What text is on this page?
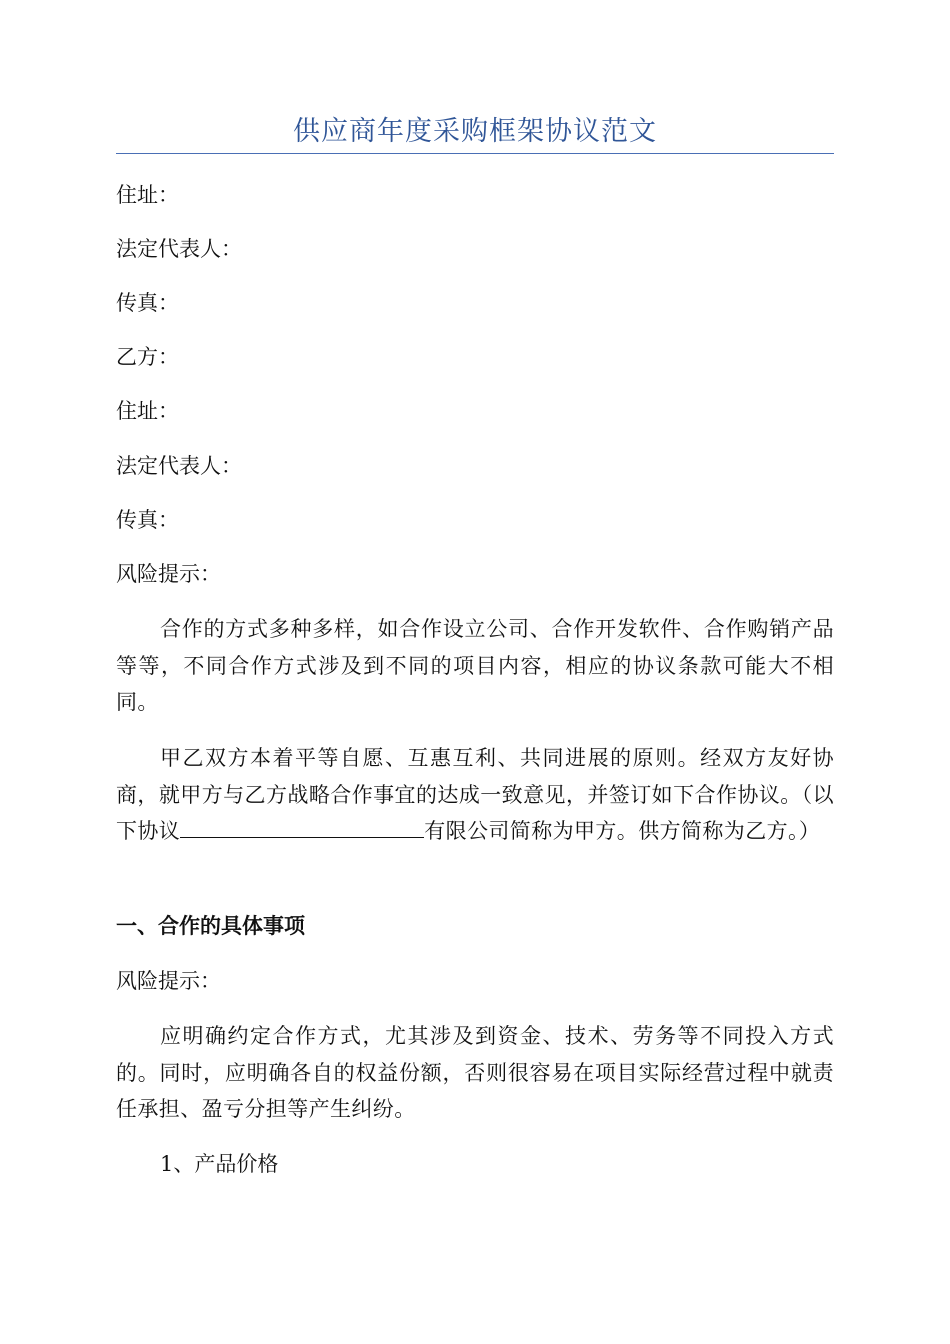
供应商年度采购框架协议范文
住址：
法定代表人：
传真：
乙方：
住址：
法定代表人：
传真：
风险提示：
合作的方式多种多样，如合作设立公司、合作开发软件、合作购销产品等等，不同合作方式涉及到不同的项目内容，相应的协议条款可能大不相同。
甲乙双方本着平等自愿、互惠互利、共同进展的原则。经双方友好协商，就甲方与乙方战略合作事宜的达成一致意见，并签订如下合作协议。（以下协议	有限公司简称为甲方。供方简称为乙方。）
一、合作的具体事项
风险提示：
应明确约定合作方式，尤其涉及到资金、技术、劳务等不同投入方式的。同时，应明确各自的权益份额，否则很容易在项目实际经营过程中就责任承担、盈亏分担等产生纠纷。
1、产品价格
